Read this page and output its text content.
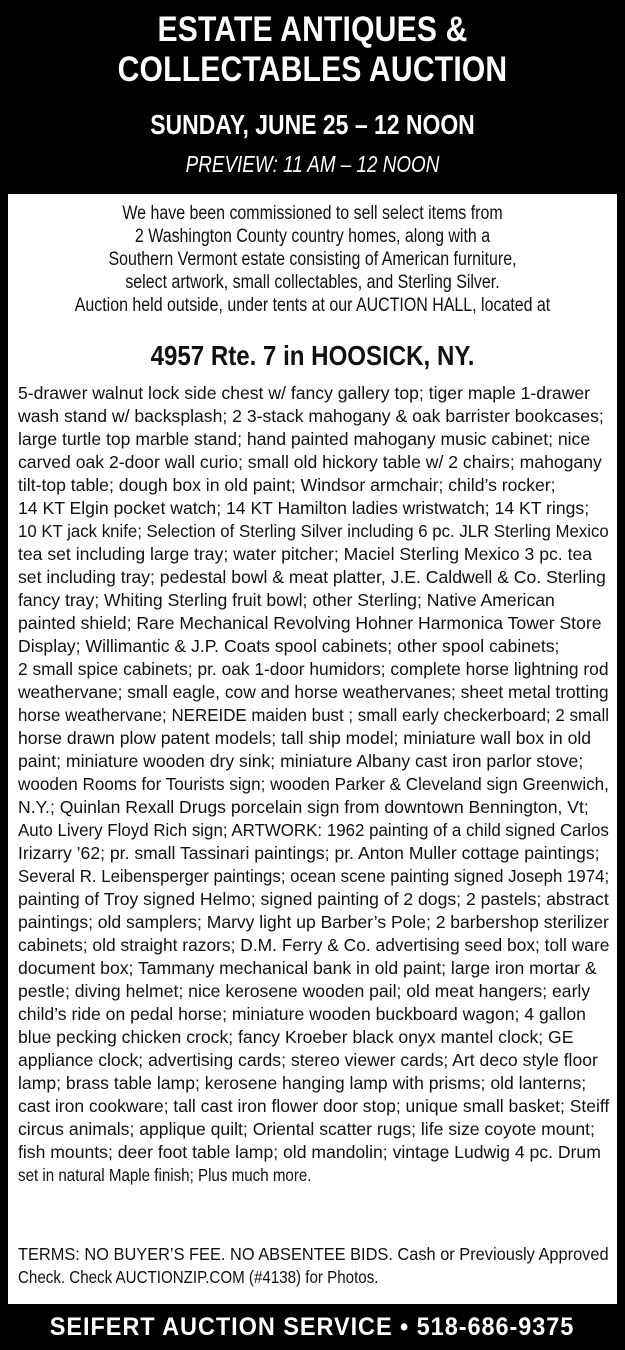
ESTATE ANTIQUES &
COLLECTABLES AUCTION
SUNDAY, JUNE 25 – 12 NOON
PREVIEW: 11 AM – 12 NOON
We have been commissioned to sell select items from
2 Washington County country homes, along with a
Southern Vermont estate consisting of American furniture,
select artwork, small collectables, and Sterling Silver.
Auction held outside, under tents at our AUCTION HALL, located at
4957 Rte. 7 in HOOSICK, NY.
5-drawer walnut lock side chest w/ fancy gallery top; tiger maple 1-drawer
wash stand w/ backsplash; 2 3-stack mahogany & oak barrister bookcases;
large turtle top marble stand; hand painted mahogany music cabinet; nice
carved oak 2-door wall curio; small old hickory table w/ 2 chairs; mahogany
tilt-top table; dough box in old paint; Windsor armchair; child’s rocker;
14 KT Elgin pocket watch; 14 KT Hamilton ladies wristwatch; 14 KT rings;
10 KT jack knife; Selection of Sterling Silver including 6 pc. JLR Sterling Mexico
tea set including large tray; water pitcher; Maciel Sterling Mexico 3 pc. tea
set including tray; pedestal bowl & meat platter, J.E. Caldwell & Co. Sterling
fancy tray; Whiting Sterling fruit bowl; other Sterling; Native American
painted shield; Rare Mechanical Revolving Hohner Harmonica Tower Store
Display; Willimantic & J.P. Coats spool cabinets; other spool cabinets;
2 small spice cabinets; pr. oak 1-door humidors; complete horse lightning rod
weathervane; small eagle, cow and horse weathervanes; sheet metal trotting
horse weathervane; NEREIDE maiden bust ; small early checkerboard; 2 small
horse drawn plow patent models; tall ship model; miniature wall box in old
paint; miniature wooden dry sink; miniature Albany cast iron parlor stove;
wooden Rooms for Tourists sign; wooden Parker & Cleveland sign Greenwich,
N.Y.; Quinlan Rexall Drugs porcelain sign from downtown Bennington, Vt;
Auto Livery Floyd Rich sign; ARTWORK: 1962 painting of a child signed Carlos
Irizarry ’62; pr. small Tassinari paintings; pr. Anton Muller cottage paintings;
Several R. Leibensperger paintings; ocean scene painting signed Joseph 1974;
painting of Troy signed Helmo; signed painting of 2 dogs; 2 pastels; abstract
paintings; old samplers; Marvy light up Barber’s Pole; 2 barbershop sterilizer
cabinets; old straight razors; D.M. Ferry & Co. advertising seed box; toll ware
document box; Tammany mechanical bank in old paint; large iron mortar &
pestle; diving helmet; nice kerosene wooden pail; old meat hangers; early
child’s ride on pedal horse; miniature wooden buckboard wagon; 4 gallon
blue pecking chicken crock; fancy Kroeber black onyx mantel clock; GE
appliance clock; advertising cards; stereo viewer cards; Art deco style floor
lamp; brass table lamp; kerosene hanging lamp with prisms; old lanterns;
cast iron cookware; tall cast iron flower door stop; unique small basket; Steiff
circus animals; applique quilt; Oriental scatter rugs; life size coyote mount;
fish mounts; deer foot table lamp; old mandolin; vintage Ludwig 4 pc. Drum
set in natural Maple finish; Plus much more.
TERMS: NO BUYER’S FEE. NO ABSENTEE BIDS. Cash or Previously Approved
Check. Check AUCTIONZIP.COM (#4138) for Photos.
SEIFERT AUCTION SERVICE • 518-686-9375
